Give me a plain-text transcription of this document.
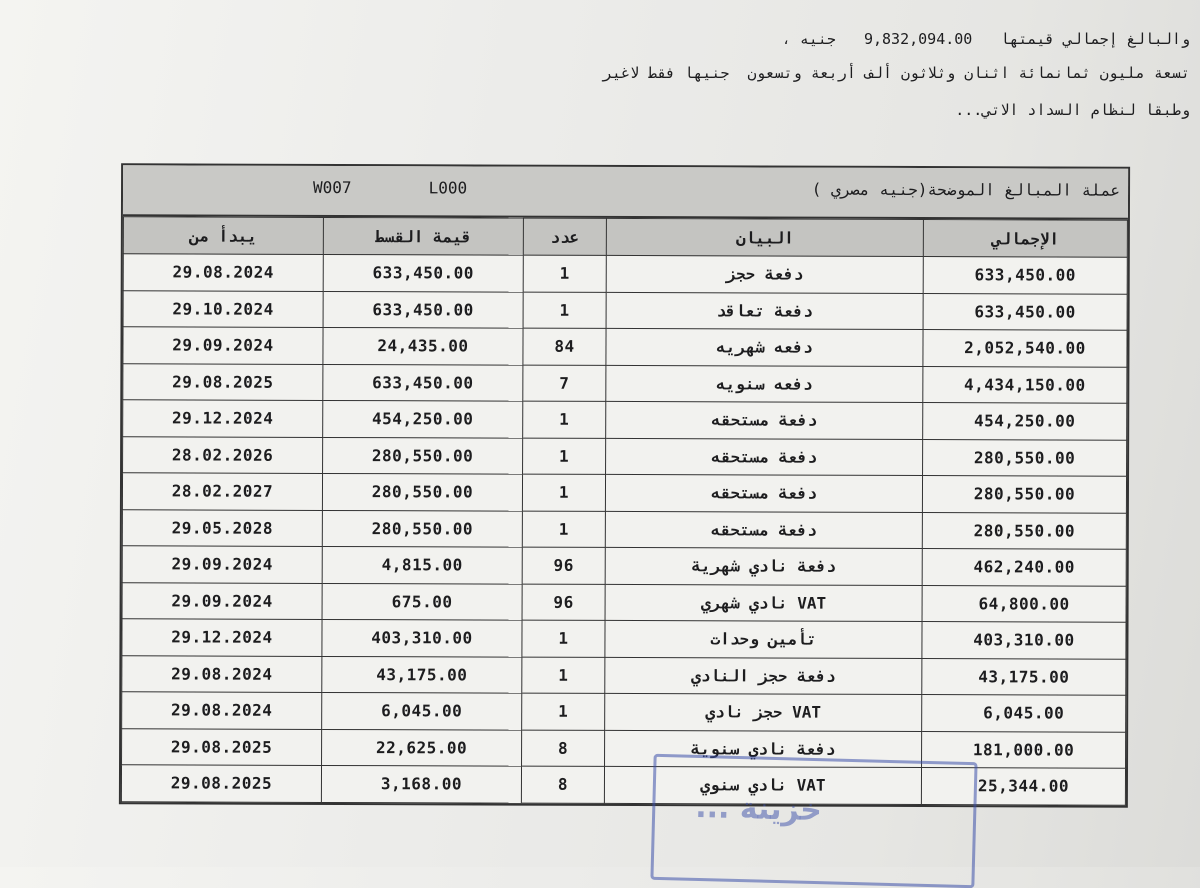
والبالغ إجمالي قيمتها9,832,094.00جنيه ،
تسعة مليون ثمانمائة اثنان وثلاثون ألف أربعة وتسعون  جنيها فقط لاغير
وطبقا لنظام السداد الاتي...
عملة المبالغ الموضحة(جنيه مصري )
W007	L000
يبدأ من	قيمة القسط	عدد	البيان	الإجمالي
29.08.2024	633,450.00	1	دفعة حجز	633,450.00
29.10.2024	633,450.00	1	دفعة تعاقد	633,450.00
29.09.2024	24,435.00	84	دفعه شهريه	2,052,540.00
29.08.2025	633,450.00	7	دفعه سنويه	4,434,150.00
29.12.2024	454,250.00	1	دفعة مستحقه	454,250.00
28.02.2026	280,550.00	1	دفعة مستحقه	280,550.00
28.02.2027	280,550.00	1	دفعة مستحقه	280,550.00
29.05.2028	280,550.00	1	دفعة مستحقه	280,550.00
29.09.2024	4,815.00	96	دفعة نادي شهرية	462,240.00
29.09.2024	675.00	96	VAT نادي شهري	64,800.00
29.12.2024	403,310.00	1	تأمين وحدات	403,310.00
29.08.2024	43,175.00	1	دفعة حجز النادي	43,175.00
29.08.2024	6,045.00	1	VAT حجز نادي	6,045.00
29.08.2025	22,625.00	8	دفعة نادي سنوية	181,000.00
29.08.2025	3,168.00	8	VAT نادي سنوي	25,344.00
خزينة ...
